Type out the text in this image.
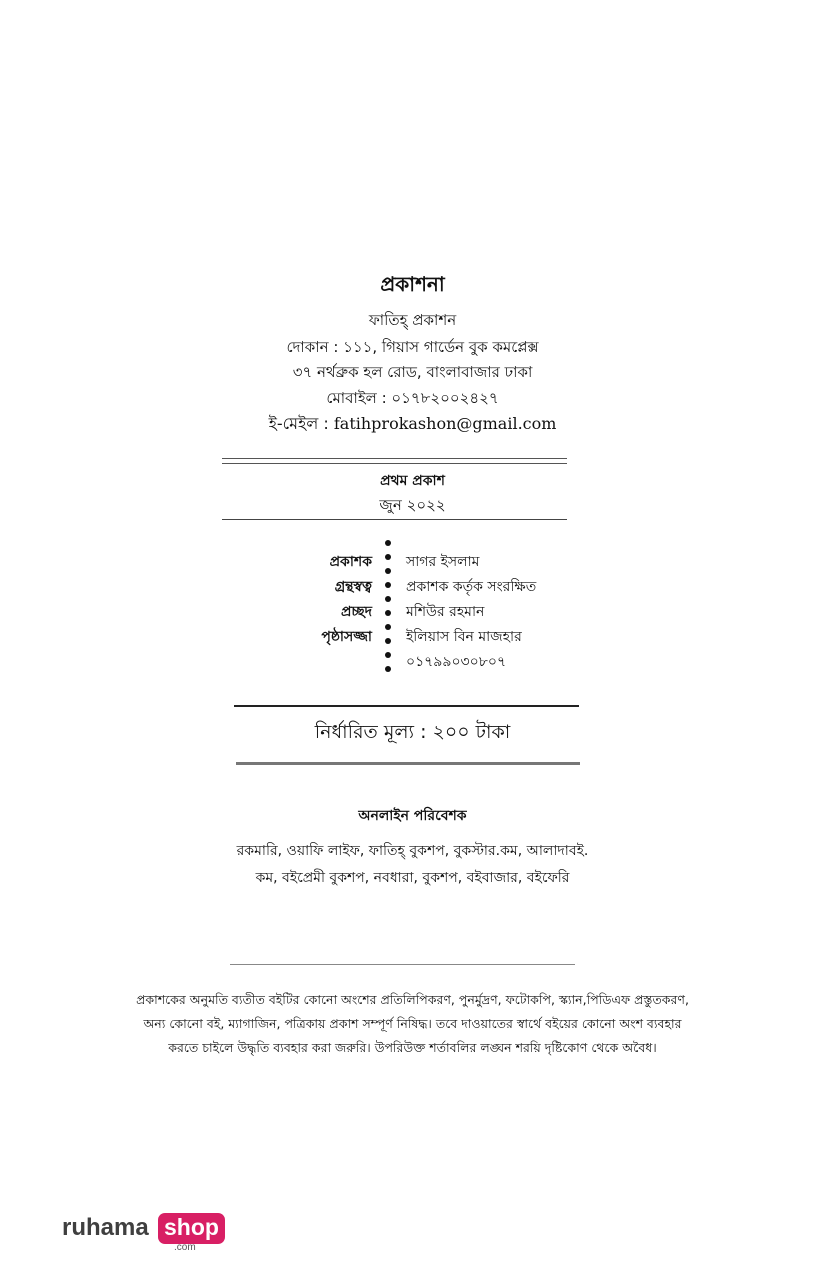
প্রকাশনা
ফাতিহ্ প্রকাশন
দোকান : ১১১, গিয়াস গার্ডেন বুক কমপ্লেক্স
৩৭ নর্থব্রুক হল রোড, বাংলাবাজার ঢাকা
মোবাইল : ০১৭৮২০০২৪২৭
ই-মেইল : fatihprokashon@gmail.com
প্রথম প্রকাশ
জুন ২০২২
প্রকাশক
গ্রন্থস্বত্ব
প্রচ্ছদ
পৃষ্ঠাসজ্জা
সাগর ইসলাম
প্রকাশক কর্তৃক সংরক্ষিত
মশিউর রহমান
ইলিয়াস বিন মাজহার
০১৭৯৯০৩০৮০৭
নির্ধারিত মূল্য : ২০০ টাকা
অনলাইন পরিবেশক
রকমারি, ওয়াফি লাইফ, ফাতিহ্ বুকশপ, বুকস্টার.কম, আলাদাবই.
কম, বইপ্রেমী বুকশপ, নবধারা, বুকশপ, বইবাজার, বইফেরি
প্রকাশকের অনুমতি ব্যতীত বইটির কোনো অংশের প্রতিলিপিকরণ, পুনর্মুদ্রণ, ফটোকপি, স্ক্যান,পিডিএফ প্রস্তুতকরণ,
অন্য কোনো বই, ম্যাগাজিন, পত্রিকায় প্রকাশ সম্পূর্ণ নিষিদ্ধ। তবে দাওয়াতের স্বার্থে বইয়ের কোনো অংশ ব্যবহার
করতে চাইলে উদ্ধৃতি ব্যবহার করা জরুরি। উপরিউক্ত শর্তাবলির লঙ্ঘন শরয়ি দৃষ্টিকোণ থেকে অবৈধ।
ruhama shop
.com
